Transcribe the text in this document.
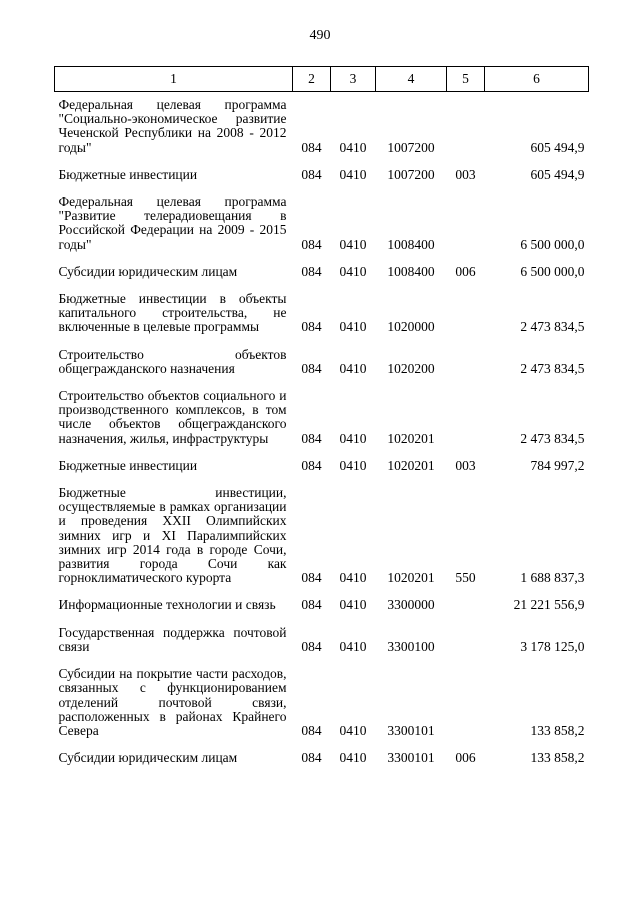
490
1	2	3	4	5	6
Федеральная целевая программа "Социально-экономическое развитие Чеченской Республики на 2008 - 2012 годы"	084	0410	1007200		605 494,9

Бюджетные инвестиции	084	0410	1007200	003	605 494,9

Федеральная целевая программа "Развитие телерадиовещания в Российской Федерации на 2009 - 2015 годы"	084	0410	1008400		6 500 000,0

Субсидии юридическим лицам	084	0410	1008400	006	6 500 000,0

Бюджетные инвестиции в объекты капитального строительства, не включенные в целевые программы	084	0410	1020000		2 473 834,5

Строительство объектов общегражданского назначения	084	0410	1020200		2 473 834,5

Строительство объектов социального и производственного комплексов, в том числе объектов общегражданского назначения, жилья, инфраструктуры	084	0410	1020201		2 473 834,5

Бюджетные инвестиции	084	0410	1020201	003	784 997,2

Бюджетные инвестиции, осуществляемые в рамках организации и проведения XXII Олимпийских зимних игр и XI Паралимпийских зимних игр 2014 года в городе Сочи, развития города Сочи как горноклиматического курорта	084	0410	1020201	550	1 688 837,3

Информационные технологии и связь	084	0410	3300000		21 221 556,9

Государственная поддержка почтовой связи	084	0410	3300100		3 178 125,0

Субсидии на покрытие части расходов, связанных с функционированием отделений почтовой связи, расположенных в районах Крайнего Севера	084	0410	3300101		133 858,2

Субсидии юридическим лицам	084	0410	3300101	006	133 858,2
